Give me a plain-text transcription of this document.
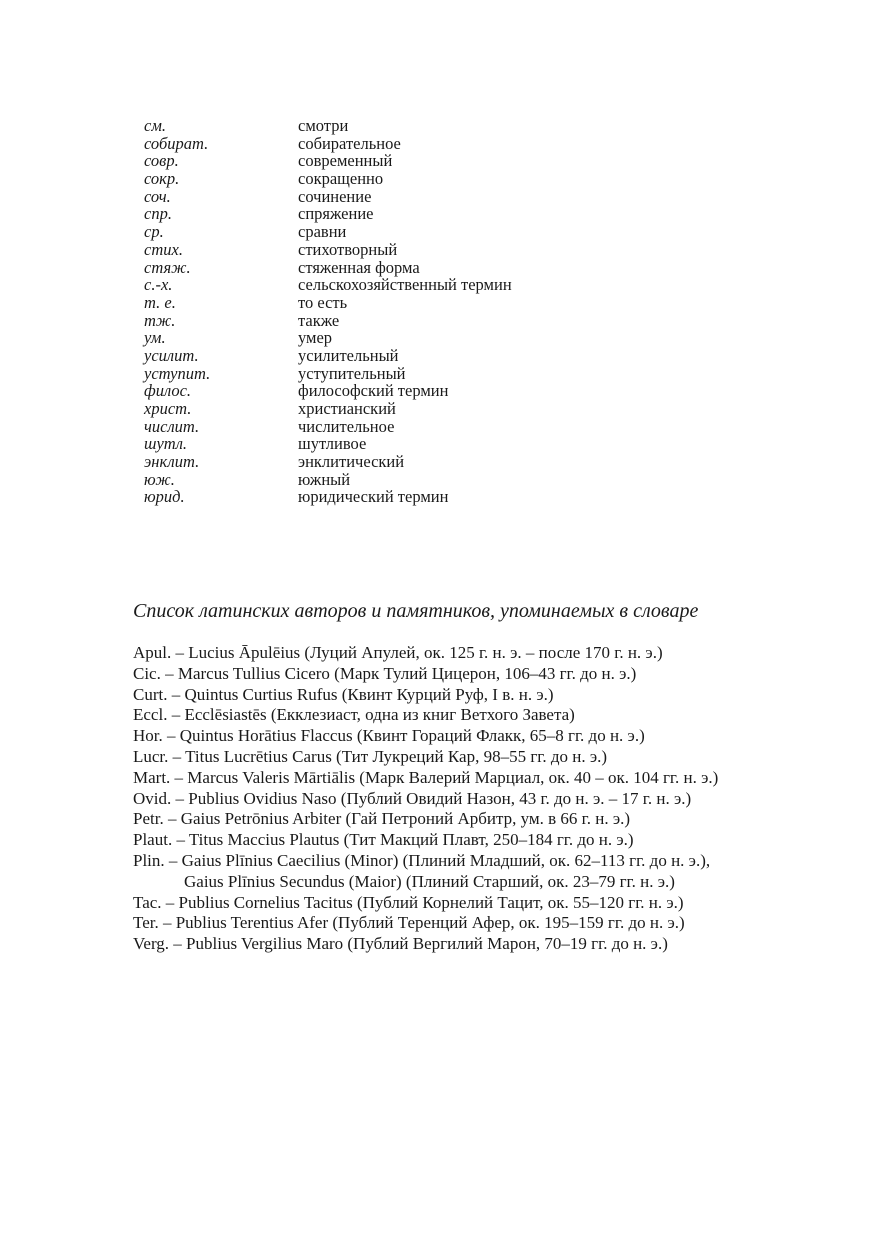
см.	смотри
собират.	собирательное
совр.	современный
сокр.	сокращенно
соч.	сочинение
спр.	спряжение
ср.	сравни
стих.	стихотворный
стяж.	стяженная форма
с.-х.	сельскохозяйственный термин
т. е.	то есть
тж.	также
ум.	умер
усилит.	усилительный
уступит.	уступительный
филос.	философский термин
христ.	христианский
числит.	числительное
шутл.	шутливое
энклит.	энклитический
юж.	южный
юрид.	юридический термин
Список латинских авторов и памятников, упоминаемых в словаре
Apul. – Lucius Āpulēius (Луций Апулей, ок. 125 г. н. э. – после 170 г. н. э.)
Cic. – Marcus Tullius Cicero (Марк Тулий Цицерон, 106–43 гг. до н. э.)
Curt. – Quintus Curtius Rufus (Квинт Курций Руф, I в. н. э.)
Eccl. – Ecclēsiastēs (Екклезиаст, одна из книг Ветхого Завета)
Hor. – Quintus Horātius Flaccus (Квинт Гораций Флакк, 65–8 гг. до н. э.)
Lucr. – Titus Lucrētius Carus (Тит Лукреций Кар, 98–55 гг. до н. э.)
Mart. – Marcus Valeris Mārtiālis (Марк Валерий Марциал, ок. 40 – ок. 104 гг. н. э.)
Ovid. – Publius Ovidius Naso (Публий Овидий Назон, 43 г. до н. э. – 17 г. н. э.)
Petr. – Gaius Petrōnius Arbiter (Гай Петроний Арбитр, ум. в 66 г. н. э.)
Plaut. – Titus Maccius Plautus (Тит Макций Плавт, 250–184 гг. до н. э.)
Plin. – Gaius Plīnius Caecilius (Minor) (Плиний Младший, ок. 62–113 гг. до н. э.),
Gaius Plīnius Secundus (Maior) (Плиний Старший, ок. 23–79 гг. н. э.)
Tac. – Publius Cornelius Tacitus (Публий Корнелий Тацит, ок. 55–120 гг. н. э.)
Ter. – Publius Terentius Afer (Публий Теренций Афер, ок. 195–159 гг. до н. э.)
Verg. – Publius Vergilius Maro (Публий Вергилий Марон, 70–19 гг. до н. э.)
